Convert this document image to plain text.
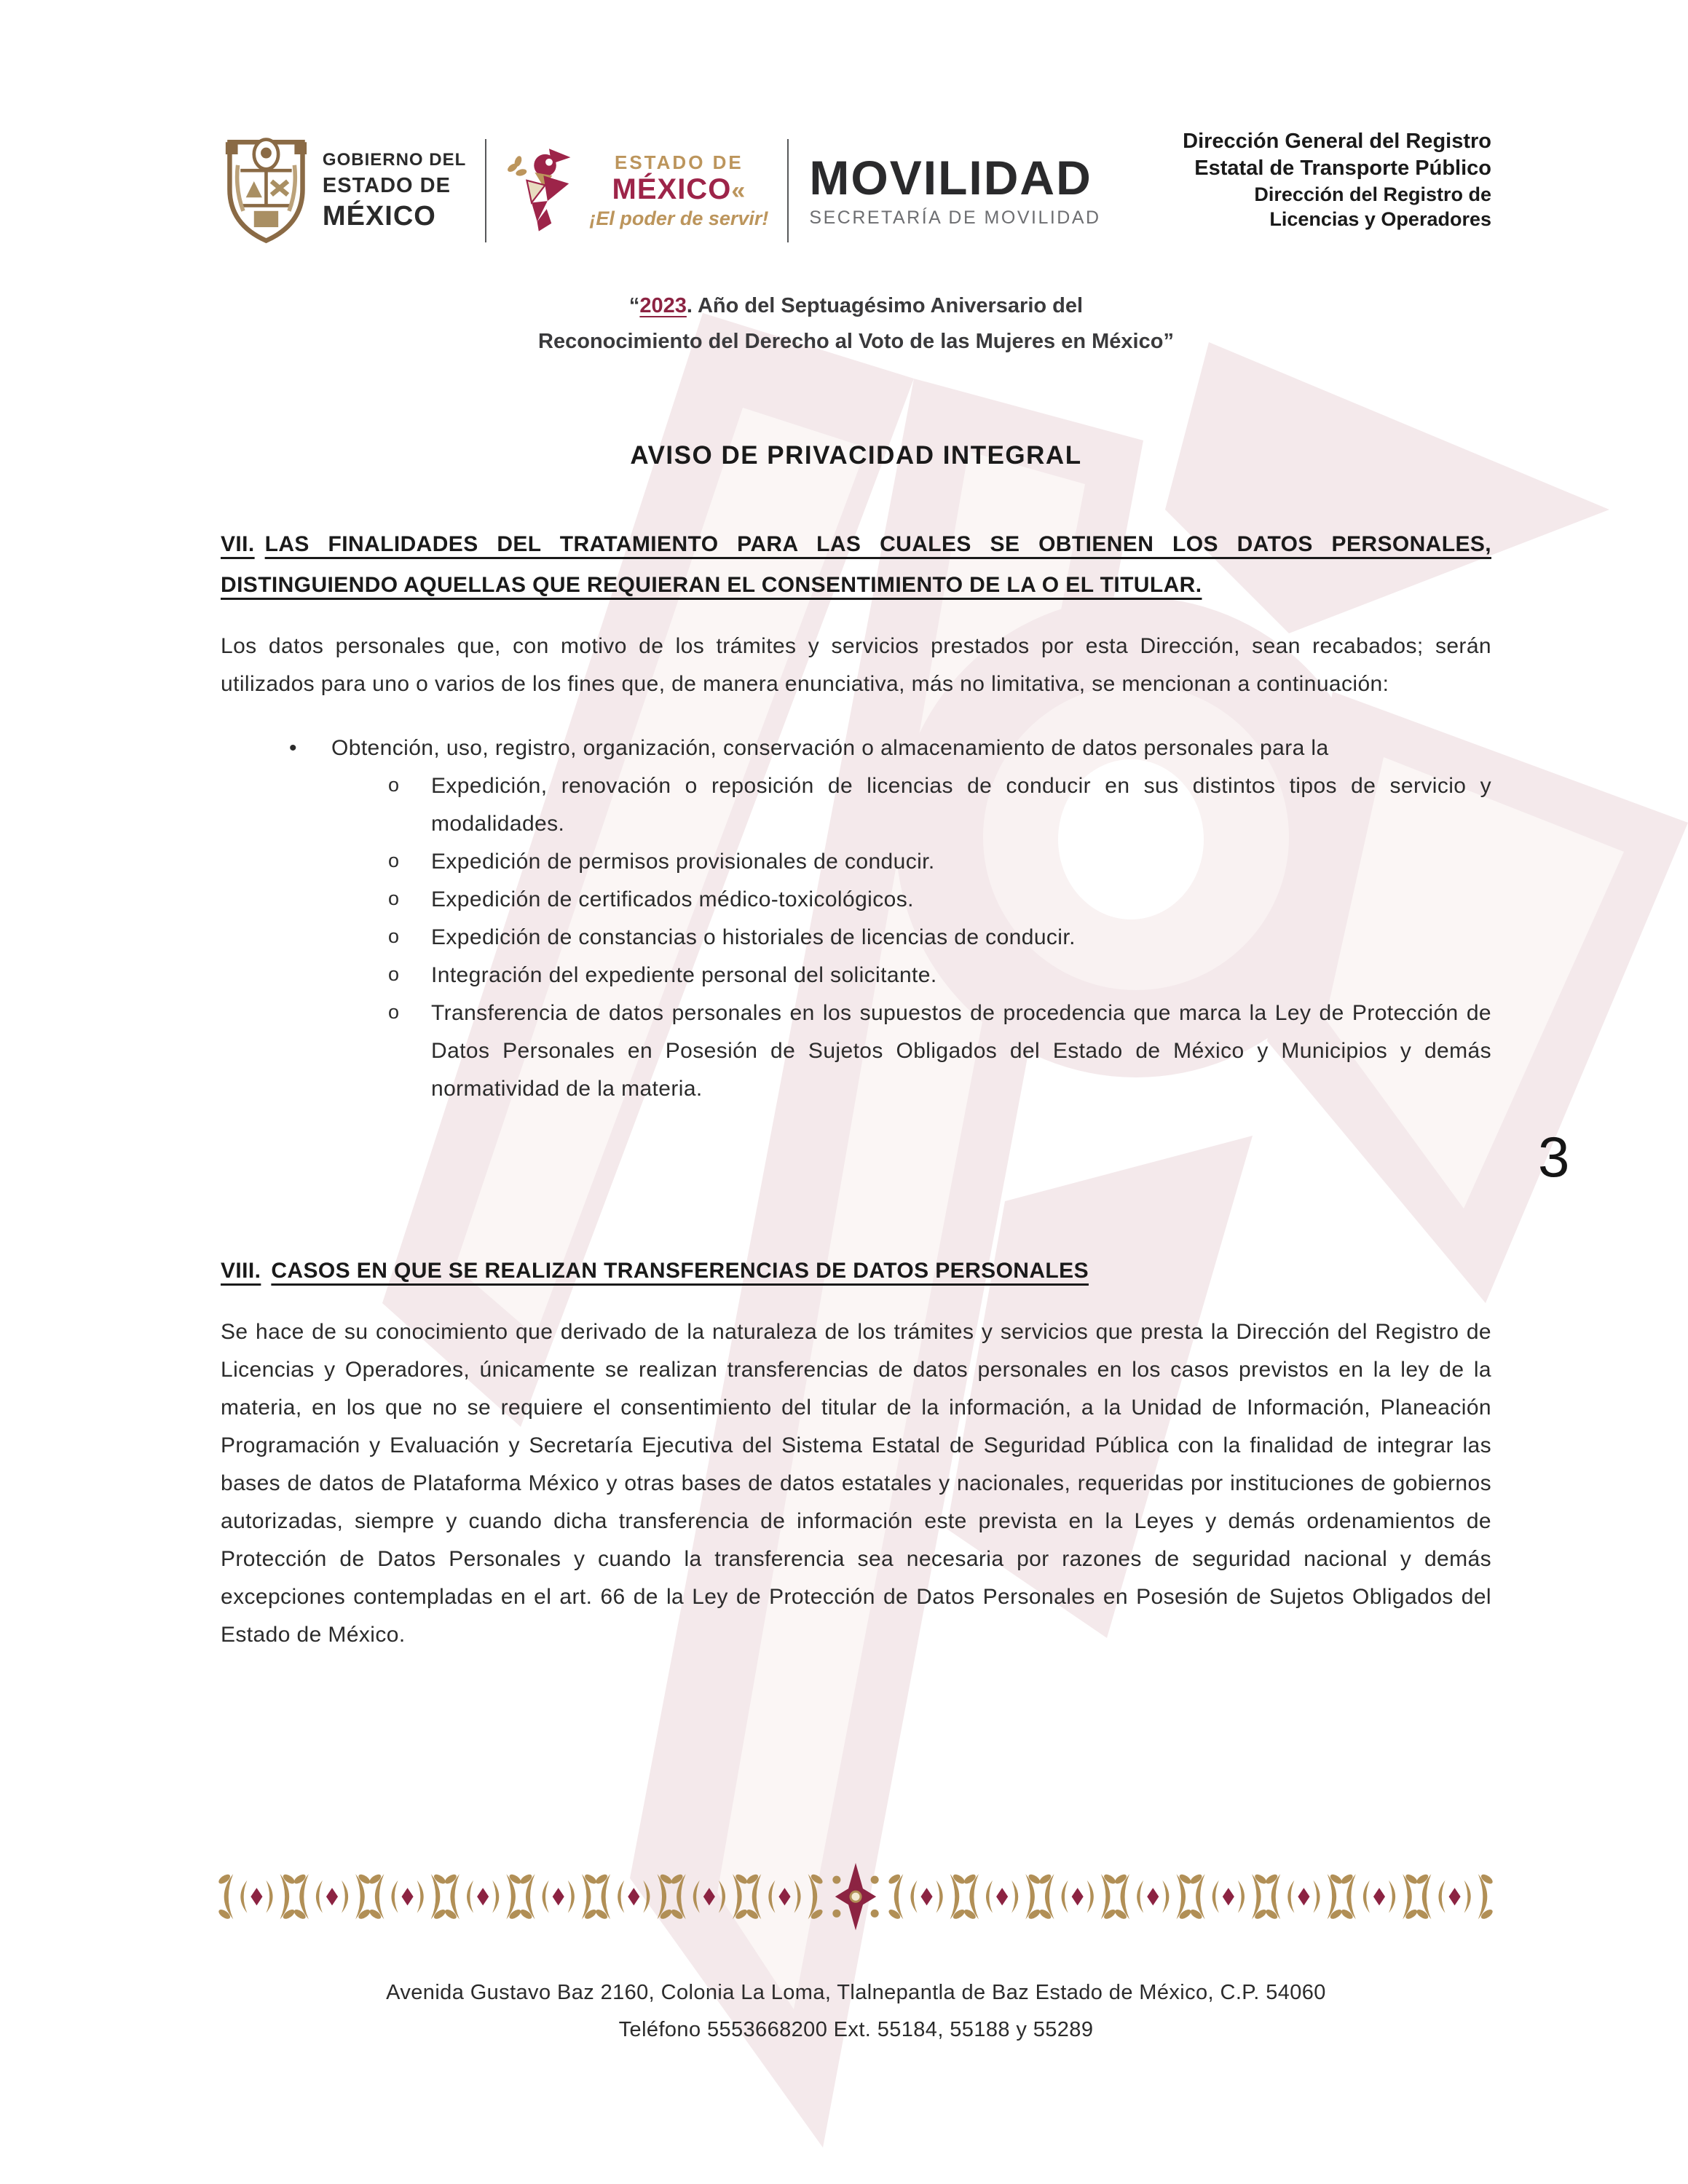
GOBIERNO DEL
ESTADO DE
MÉXICO
ESTADO DE
MÉXICO«
¡El poder de servir!
MOVILIDAD
SECRETARÍA DE MOVILIDAD
Dirección General del Registro
Estatal de Transporte Público
Dirección del Registro de
Licencias y Operadores
“2023. Año del Septuagésimo Aniversario del
Reconocimiento del Derecho al Voto de las Mujeres en México”
AVISO DE PRIVACIDAD INTEGRAL

VII. LAS FINALIDADES DEL TRATAMIENTO PARA LAS CUALES SE OBTIENEN LOS DATOS PERSONALES, DISTINGUIENDO AQUELLAS QUE REQUIERAN EL CONSENTIMIENTO DE LA O EL TITULAR.

Los datos personales que, con motivo de los trámites y servicios prestados por esta Dirección, sean recabados; serán utilizados para uno o varios de los fines que, de manera enunciativa, más no limitativa, se mencionan a continuación:

• Obtención, uso, registro, organización, conservación o almacenamiento de datos personales para la
o Expedición, renovación o reposición de licencias de conducir en sus distintos tipos de servicio y modalidades.
o Expedición de permisos provisionales de conducir.
o Expedición de certificados médico-toxicológicos.
o Expedición de constancias o historiales de licencias de conducir.
o Integración del expediente personal del solicitante.
o Transferencia de datos personales en los supuestos de procedencia que marca la Ley de Protección de Datos Personales en Posesión de Sujetos Obligados del Estado de México y Municipios y demás normatividad de la materia.

VIII. CASOS EN QUE SE REALIZAN TRANSFERENCIAS DE DATOS PERSONALES

Se hace de su conocimiento que derivado de la naturaleza de los trámites y servicios que presta la Dirección del Registro de Licencias y Operadores, únicamente se realizan transferencias de datos personales en los casos previstos en la ley de la materia, en los que no se requiere el consentimiento del titular de la información, a la Unidad de Información, Planeación Programación y Evaluación y Secretaría Ejecutiva del Sistema Estatal de Seguridad Pública con la finalidad de integrar las bases de datos de Plataforma México y otras bases de datos estatales y nacionales, requeridas por instituciones de gobiernos autorizadas, siempre y cuando dicha transferencia de información este prevista en la Leyes y demás ordenamientos de Protección de Datos Personales y cuando la transferencia sea necesaria por razones de seguridad nacional y demás excepciones contempladas en el art. 66 de la Ley de Protección de Datos Personales en Posesión de Sujetos Obligados del Estado de México.

3
Avenida Gustavo Baz 2160, Colonia La Loma, Tlalnepantla de Baz Estado de México, C.P. 54060
Teléfono 5553668200 Ext. 55184, 55188 y 55289
